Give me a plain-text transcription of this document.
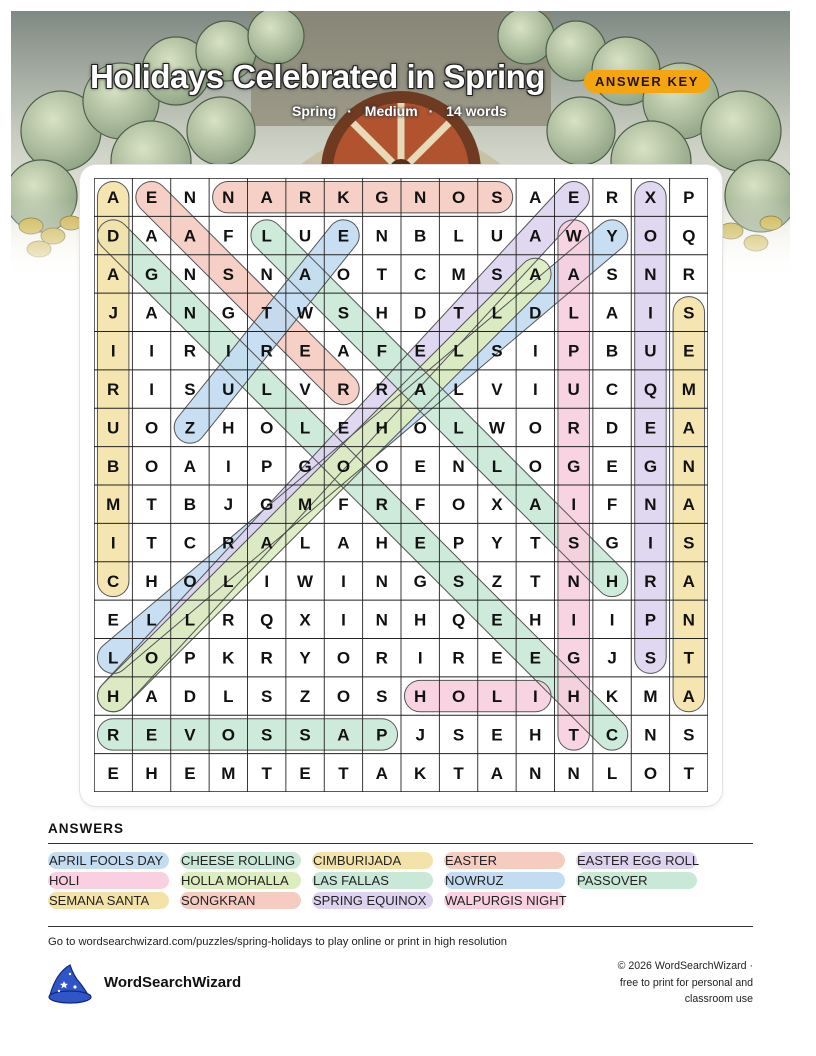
Holidays Celebrated in Spring	ANSWER KEY
Spring · Medium · 14 words
A E N N A R K G N O S A E R X P
D A A F L U E N B L U A W Y O Q
A G N S N A O T C M S A A S N R
J A N G T W S H D T L D L A I S
I I R I R E A F E L S I P B U E
R I S U L V R R A L V I U C Q M
U O Z H O L E H O L W O R D E A
B O A I P G O O E N L O G E G N
M T B J G M F R F O X A I F N A
I T C R A L A H E P Y T S G I S
C H O L I W I N G S Z T N H R A
E L L R Q X I N H Q E H I I P N
L O P K R Y O R I R E E G J S T
H A D L S Z O S H O L I H K M A
R E V O S S A P J S E H T C N S
E H E M T E T A K T A N N L O T
ANSWERS
APRIL FOOLS DAY	CHEESE ROLLING	CIMBURIJADA	EASTER	EASTER EGG ROLL
HOLI	HOLLA MOHALLA	LAS FALLAS	NOWRUZ	PASSOVER
SEMANA SANTA	SONGKRAN	SPRING EQUINOX	WALPURGIS NIGHT
Go to wordsearchwizard.com/puzzles/spring-holidays to play online or print in high resolution
WordSearchWizard
© 2026 WordSearchWizard ·
free to print for personal and
classroom use
